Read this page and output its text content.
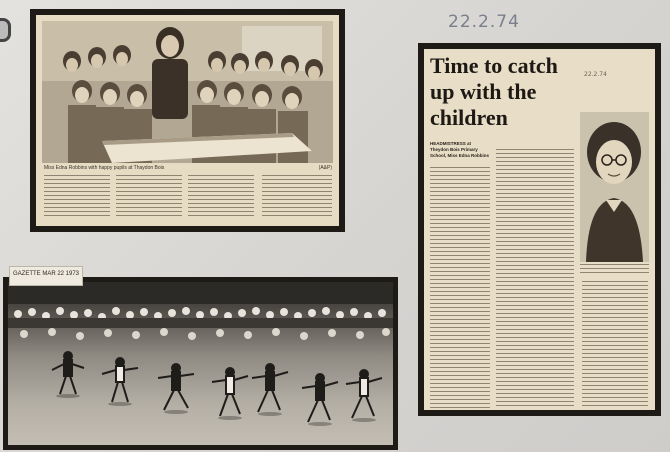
22.2.74
Miss Edna Robbins with happy pupils at Thaydon Bois	(A&P)
GAZETTE MAR 22 1973
Time to catch
up with the
children
22.2.74
HEADMISTRESS at Theydon Bois Primary School, Miss Edna Robbins
